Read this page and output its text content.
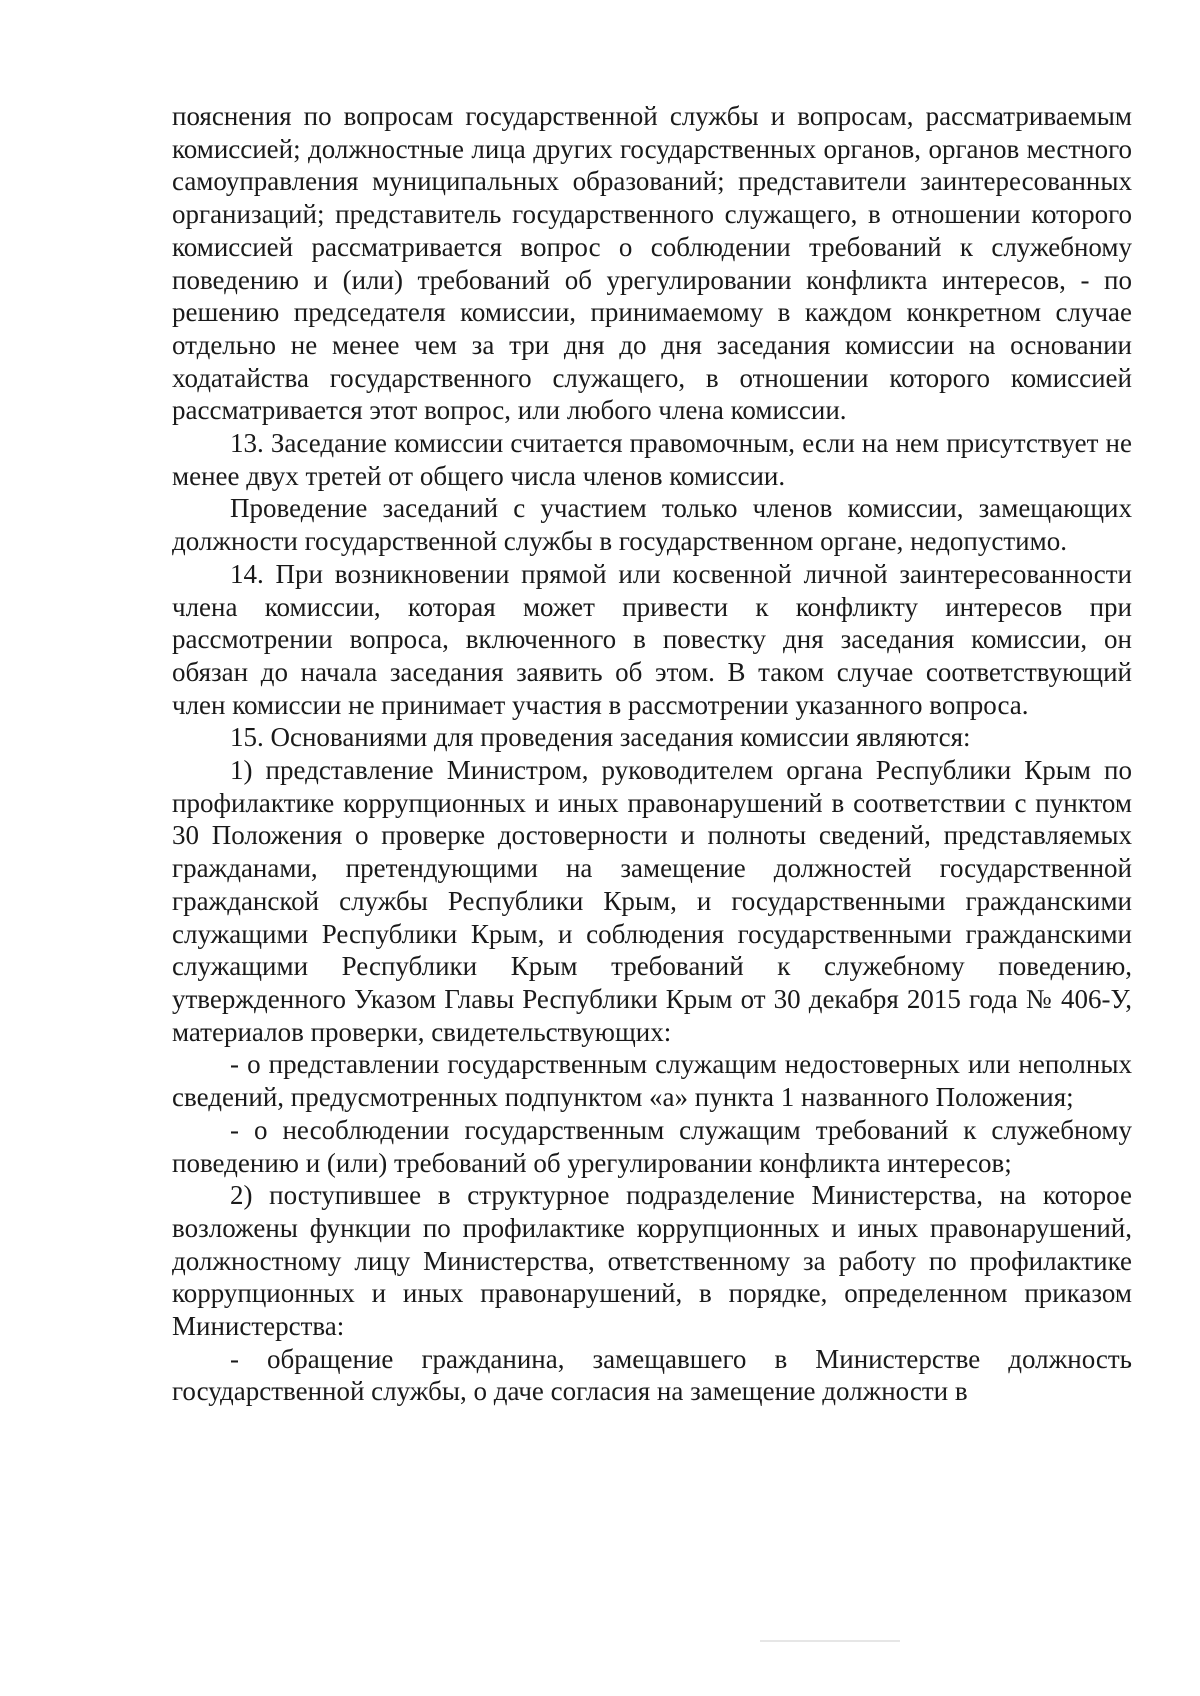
пояснения по вопросам государственной службы и вопросам, рассматриваемым комиссией; должностные лица других государственных органов, органов местного самоуправления муниципальных образований; представители заинтересованных организаций; представитель государственного служащего, в отношении которого комиссией рассматривается вопрос о соблюдении требований к служебному поведению и (или) требований об урегулировании конфликта интересов, - по решению председателя комиссии, принимаемому в каждом конкретном случае отдельно не менее чем за три дня до дня заседания комиссии на основании ходатайства государственного служащего, в отношении которого комиссией рассматривается этот вопрос, или любого члена комиссии.

13. Заседание комиссии считается правомочным, если на нем присутствует не менее двух третей от общего числа членов комиссии.

Проведение заседаний с участием только членов комиссии, замещающих должности государственной службы в государственном органе, недопустимо.

14. При возникновении прямой или косвенной личной заинтересованности члена комиссии, которая может привести к конфликту интересов при рассмотрении вопроса, включенного в повестку дня заседания комиссии, он обязан до начала заседания заявить об этом. В таком случае соответствующий член комиссии не принимает участия в рассмотрении указанного вопроса.

15. Основаниями для проведения заседания комиссии являются:

1) представление Министром, руководителем органа Республики Крым по профилактике коррупционных и иных правонарушений в соответствии с пунктом 30 Положения о проверке достоверности и полноты сведений, представляемых гражданами, претендующими на замещение должностей государственной гражданской службы Республики Крым, и государственными гражданскими служащими Республики Крым, и соблюдения государственными гражданскими служащими Республики Крым требований к служебному поведению, утвержденного Указом Главы Республики Крым от 30 декабря 2015 года № 406-У, материалов проверки, свидетельствующих:

- о представлении государственным служащим недостоверных или неполных сведений, предусмотренных подпунктом «а» пункта 1 названного Положения;

- о несоблюдении государственным служащим требований к служебному поведению и (или) требований об урегулировании конфликта интересов;

2) поступившее в структурное подразделение Министерства, на которое возложены функции по профилактике коррупционных и иных правонарушений, должностному лицу Министерства, ответственному за работу по профилактике коррупционных и иных правонарушений, в порядке, определенном приказом Министерства:

- обращение гражданина, замещавшего в Министерстве должность государственной службы, о даче согласия на замещение должности в
